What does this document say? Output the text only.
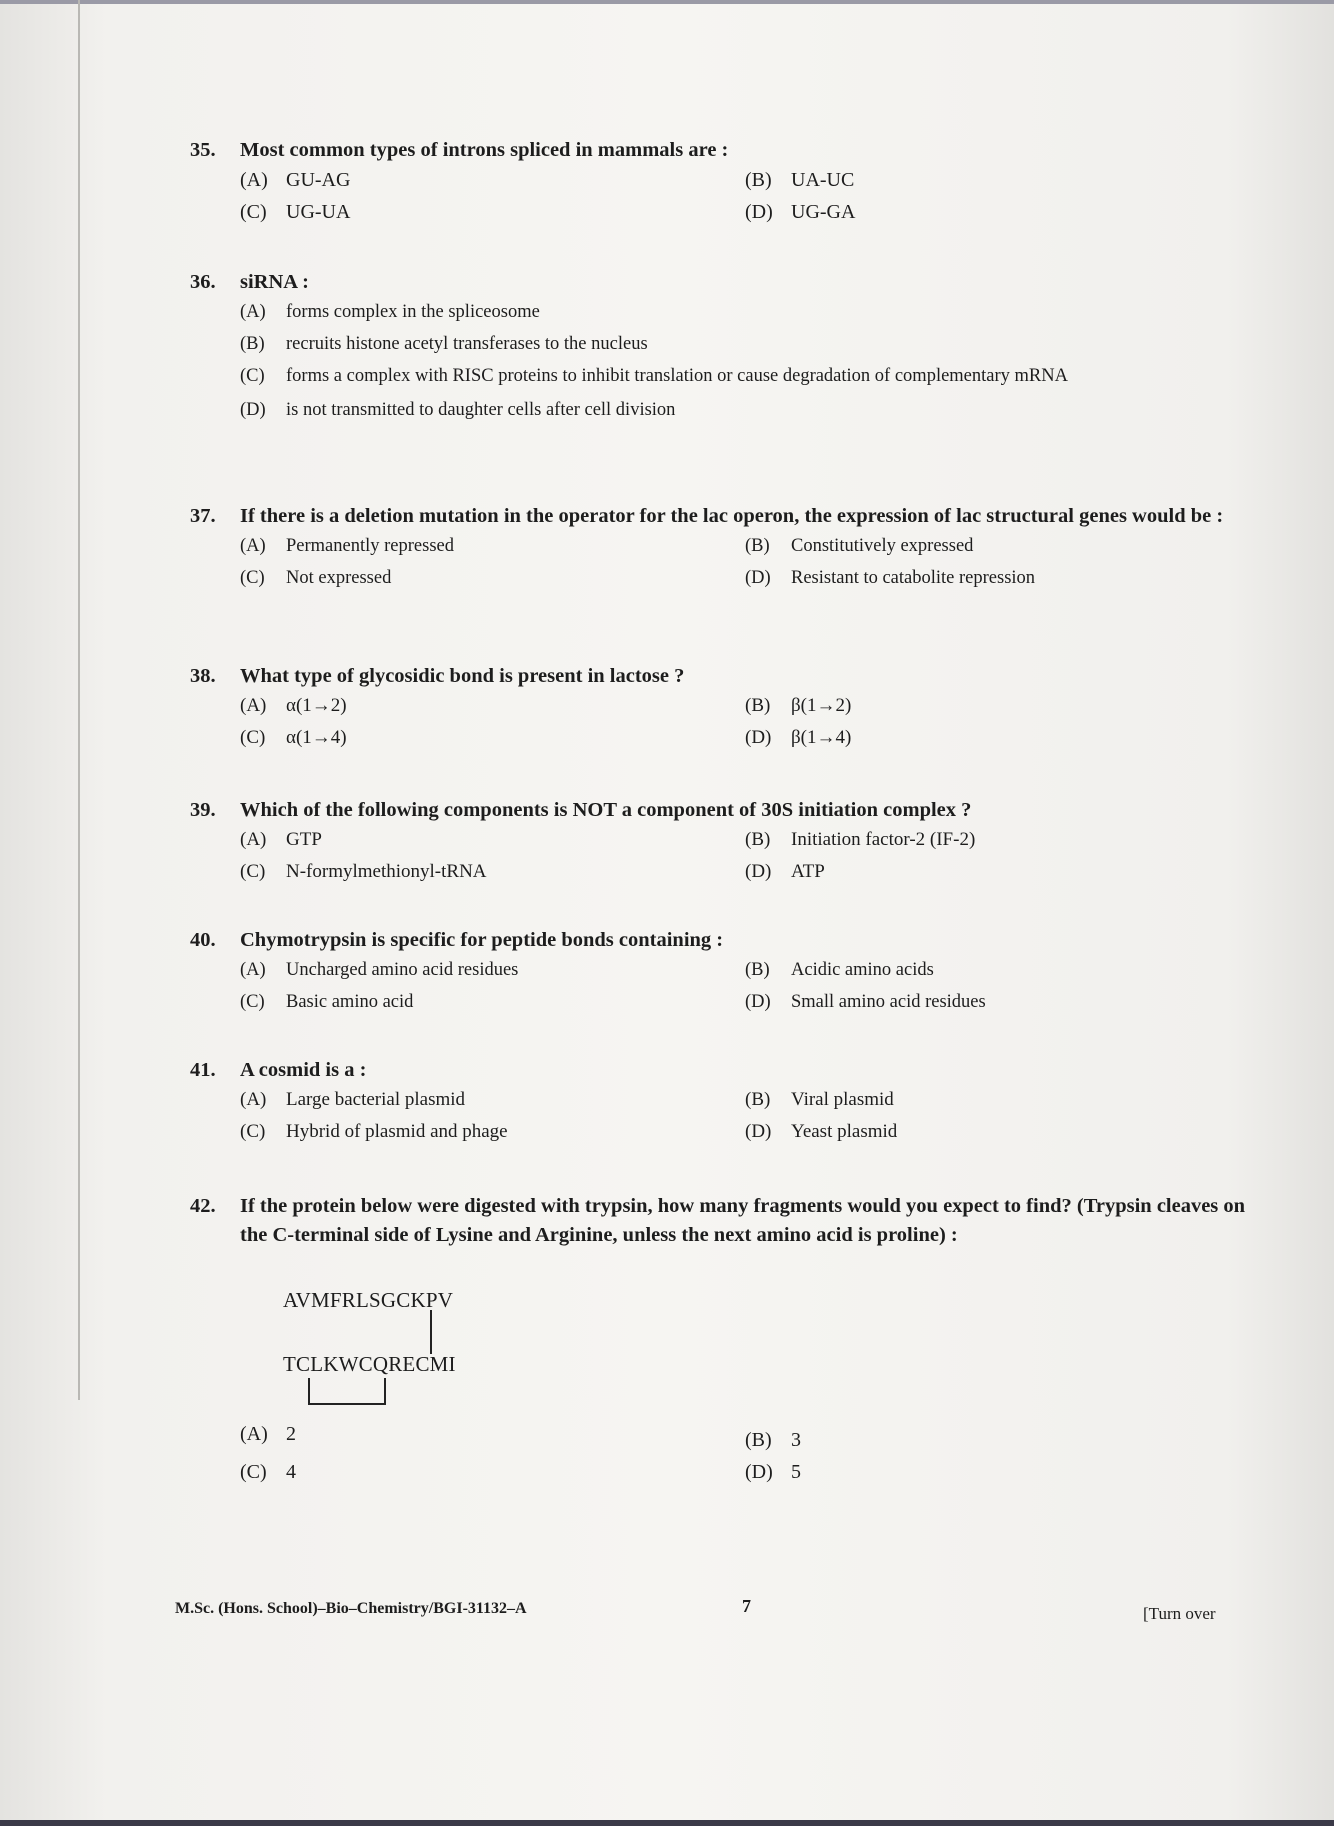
35.	Most common types of introns spliced in mammals are :
(A) GU-AG	(B) UA-UC
(C) UG-UA	(D) UG-GA
36.	siRNA :
(A)	forms complex in the spliceosome
(B)	recruits histone acetyl transferases to the nucleus
(C)	forms a complex with RISC proteins to inhibit translation or cause degradation of complementary mRNA
(D)	is not transmitted to daughter cells after cell division
37.	If there is a deletion mutation in the operator for the lac operon, the expression of lac structural genes would be :
(A)	Permanently repressed	(B)	Constitutively expressed
(C)	Not expressed	(D)	Resistant to catabolite repression
38.	What type of glycosidic bond is present in lactose ?
(A)	α(1→2)	(B)	β(1→2)
(C)	α(1→4)	(D)	β(1→4)
39.	Which of the following components is NOT a component of 30S initiation complex ?
(A)	GTP	(B)	Initiation factor-2 (IF-2)
(C)	N-formylmethionyl-tRNA	(D)	ATP
40.	Chymotrypsin is specific for peptide bonds containing :
(A)	Uncharged amino acid residues	(B)	Acidic amino acids
(C)	Basic amino acid	(D)	Small amino acid residues
41.	A cosmid is a :
(A)	Large bacterial plasmid	(B)	Viral plasmid
(C)	Hybrid of plasmid and phage	(D)	Yeast plasmid
42.	If the protein below were digested with trypsin, how many fragments would you expect to find? (Trypsin cleaves on the C-terminal side of Lysine and Arginine, unless the next amino acid is proline) :
AVMFRLSGCKPV
TCLKWCQRECMI
(A) 2	(B) 3
(C) 4	(D) 5
M.Sc. (Hons. School)–Bio–Chemistry/BGI-31132–A	7	[Turn over
